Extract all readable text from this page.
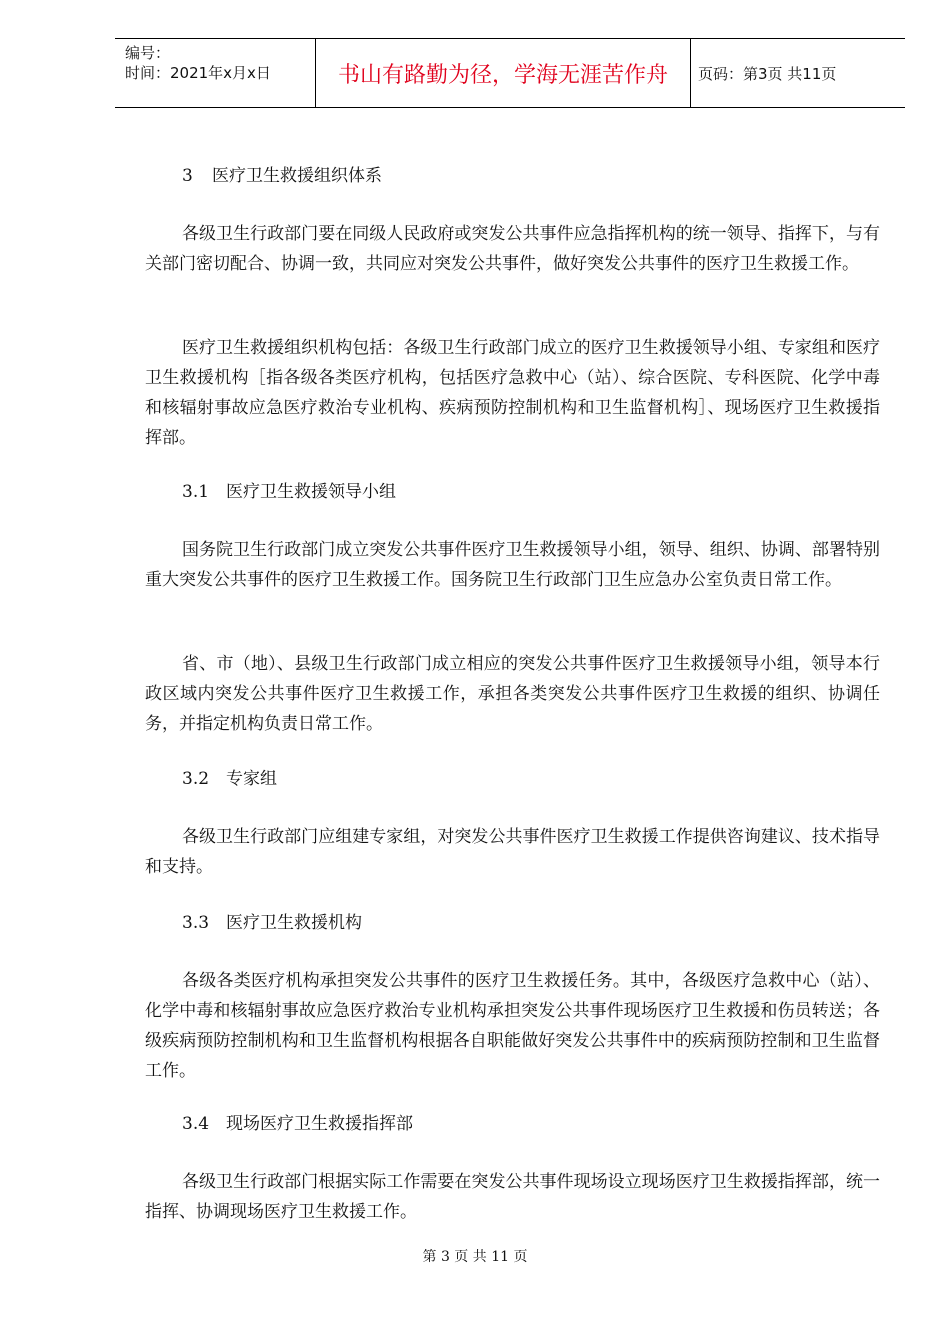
编号：
时间：2021年x月x日	书山有路勤为径，学海无涯苦作舟 页码：第3页 共11页
3 医疗卫生救援组织体系
各级卫生行政部门要在同级人民政府或突发公共事件应急指挥机构的统一领导、指挥下，与有关部门密切配合、协调一致，共同应对突发公共事件，做好突发公共事件的医疗卫生救援工作。
医疗卫生救援组织机构包括：各级卫生行政部门成立的医疗卫生救援领导小组、专家组和医疗卫生救援机构［指各级各类医疗机构，包括医疗急救中心（站）、综合医院、专科医院、化学中毒和核辐射事故应急医疗救治专业机构、疾病预防控制机构和卫生监督机构］、现场医疗卫生救援指挥部。
3.1 医疗卫生救援领导小组
国务院卫生行政部门成立突发公共事件医疗卫生救援领导小组，领导、组织、协调、部署特别重大突发公共事件的医疗卫生救援工作。国务院卫生行政部门卫生应急办公室负责日常工作。
省、市（地）、县级卫生行政部门成立相应的突发公共事件医疗卫生救援领导小组，领导本行政区域内突发公共事件医疗卫生救援工作，承担各类突发公共事件医疗卫生救援的组织、协调任务，并指定机构负责日常工作。
3.2 专家组
各级卫生行政部门应组建专家组，对突发公共事件医疗卫生救援工作提供咨询建议、技术指导和支持。
3.3 医疗卫生救援机构
各级各类医疗机构承担突发公共事件的医疗卫生救援任务。其中，各级医疗急救中心（站）、化学中毒和核辐射事故应急医疗救治专业机构承担突发公共事件现场医疗卫生救援和伤员转送；各级疾病预防控制机构和卫生监督机构根据各自职能做好突发公共事件中的疾病预防控制和卫生监督工作。
3.4 现场医疗卫生救援指挥部
各级卫生行政部门根据实际工作需要在突发公共事件现场设立现场医疗卫生救援指挥部，统一指挥、协调现场医疗卫生救援工作。
第 3 页 共 11 页
